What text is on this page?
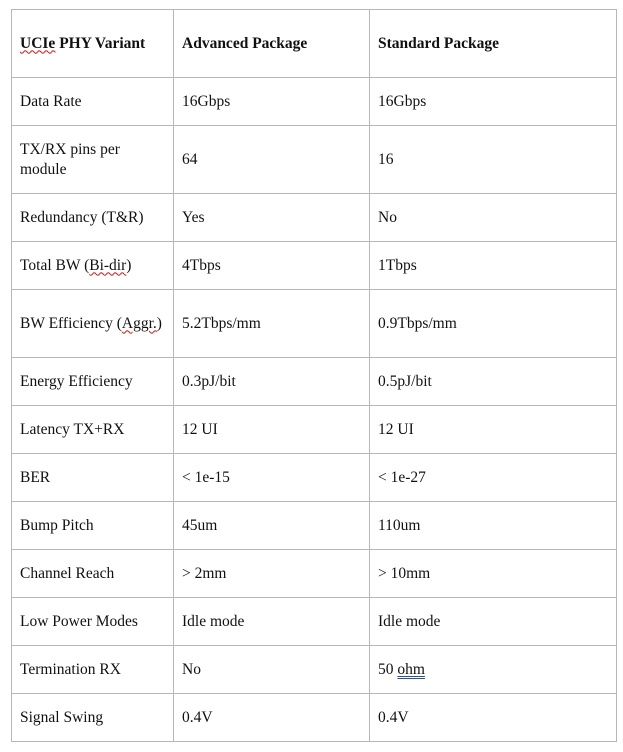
UCIe PHY Variant	Advanced Package	Standard Package
Data Rate	16Gbps	16Gbps
TX/RX pins per module	64	16
Redundancy (T&R)	Yes	No
Total BW (Bi-dir)	4Tbps	1Tbps
BW Efficiency (Aggr.)	5.2Tbps/mm	0.9Tbps/mm
Energy Efficiency	0.3pJ/bit	0.5pJ/bit
Latency TX+RX	12 UI	12 UI
BER	< 1e-15	< 1e-27
Bump Pitch	45um	110um
Channel Reach	> 2mm	> 10mm
Low Power Modes	Idle mode	Idle mode
Termination RX	No	50 ohm
Signal Swing	0.4V	0.4V
